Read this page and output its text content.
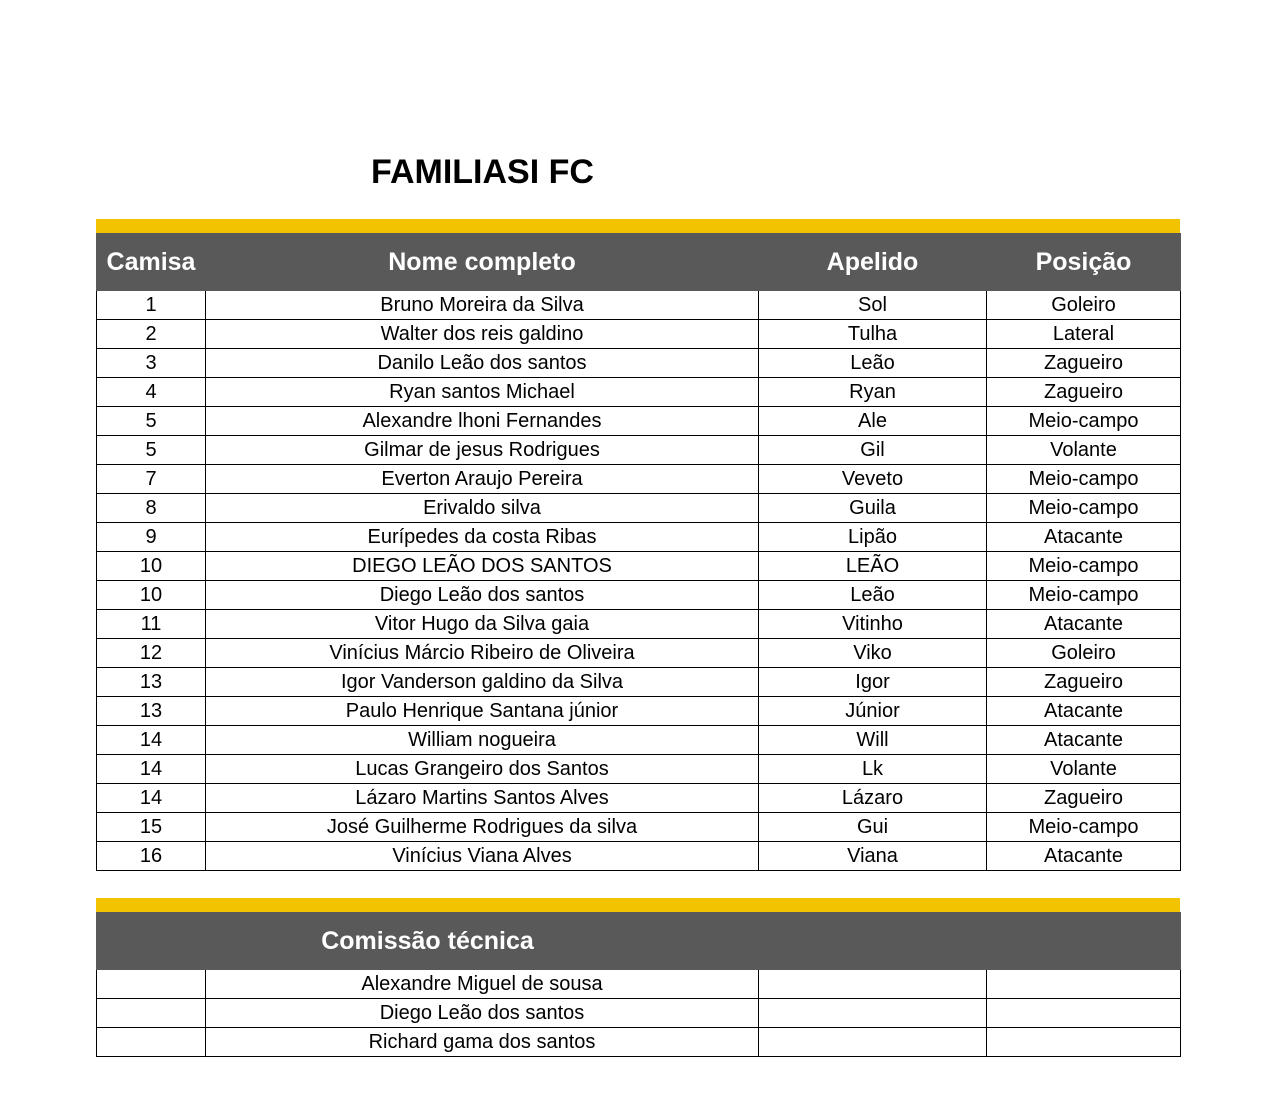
FAMILIASI FC
Camisa	Nome completo	Apelido	Posição
1	Bruno Moreira da Silva	Sol	Goleiro
2	Walter dos reis galdino	Tulha	Lateral
3	Danilo Leão dos santos	Leão	Zagueiro
4	Ryan santos Michael	Ryan	Zagueiro
5	Alexandre lhoni Fernandes	Ale	Meio-campo
5	Gilmar de jesus Rodrigues	Gil	Volante
7	Everton Araujo Pereira	Veveto	Meio-campo
8	Erivaldo silva	Guila	Meio-campo
9	Eurípedes da costa Ribas	Lipão	Atacante
10	DIEGO LEÃO DOS SANTOS	LEÃO	Meio-campo
10	Diego Leão dos santos	Leão	Meio-campo
11	Vitor Hugo da Silva gaia	Vitinho	Atacante
12	Vinícius Márcio Ribeiro de Oliveira	Viko	Goleiro
13	Igor Vanderson galdino da Silva	Igor	Zagueiro
13	Paulo Henrique Santana júnior	Júnior	Atacante
14	William nogueira	Will	Atacante
14	Lucas Grangeiro dos Santos	Lk	Volante
14	Lázaro Martins Santos Alves	Lázaro	Zagueiro
15	José Guilherme Rodrigues da silva	Gui	Meio-campo
16	Vinícius Viana Alves	Viana	Atacante
Comissão técnica			
	Alexandre Miguel de sousa		
	Diego Leão dos santos		
	Richard gama dos santos		
